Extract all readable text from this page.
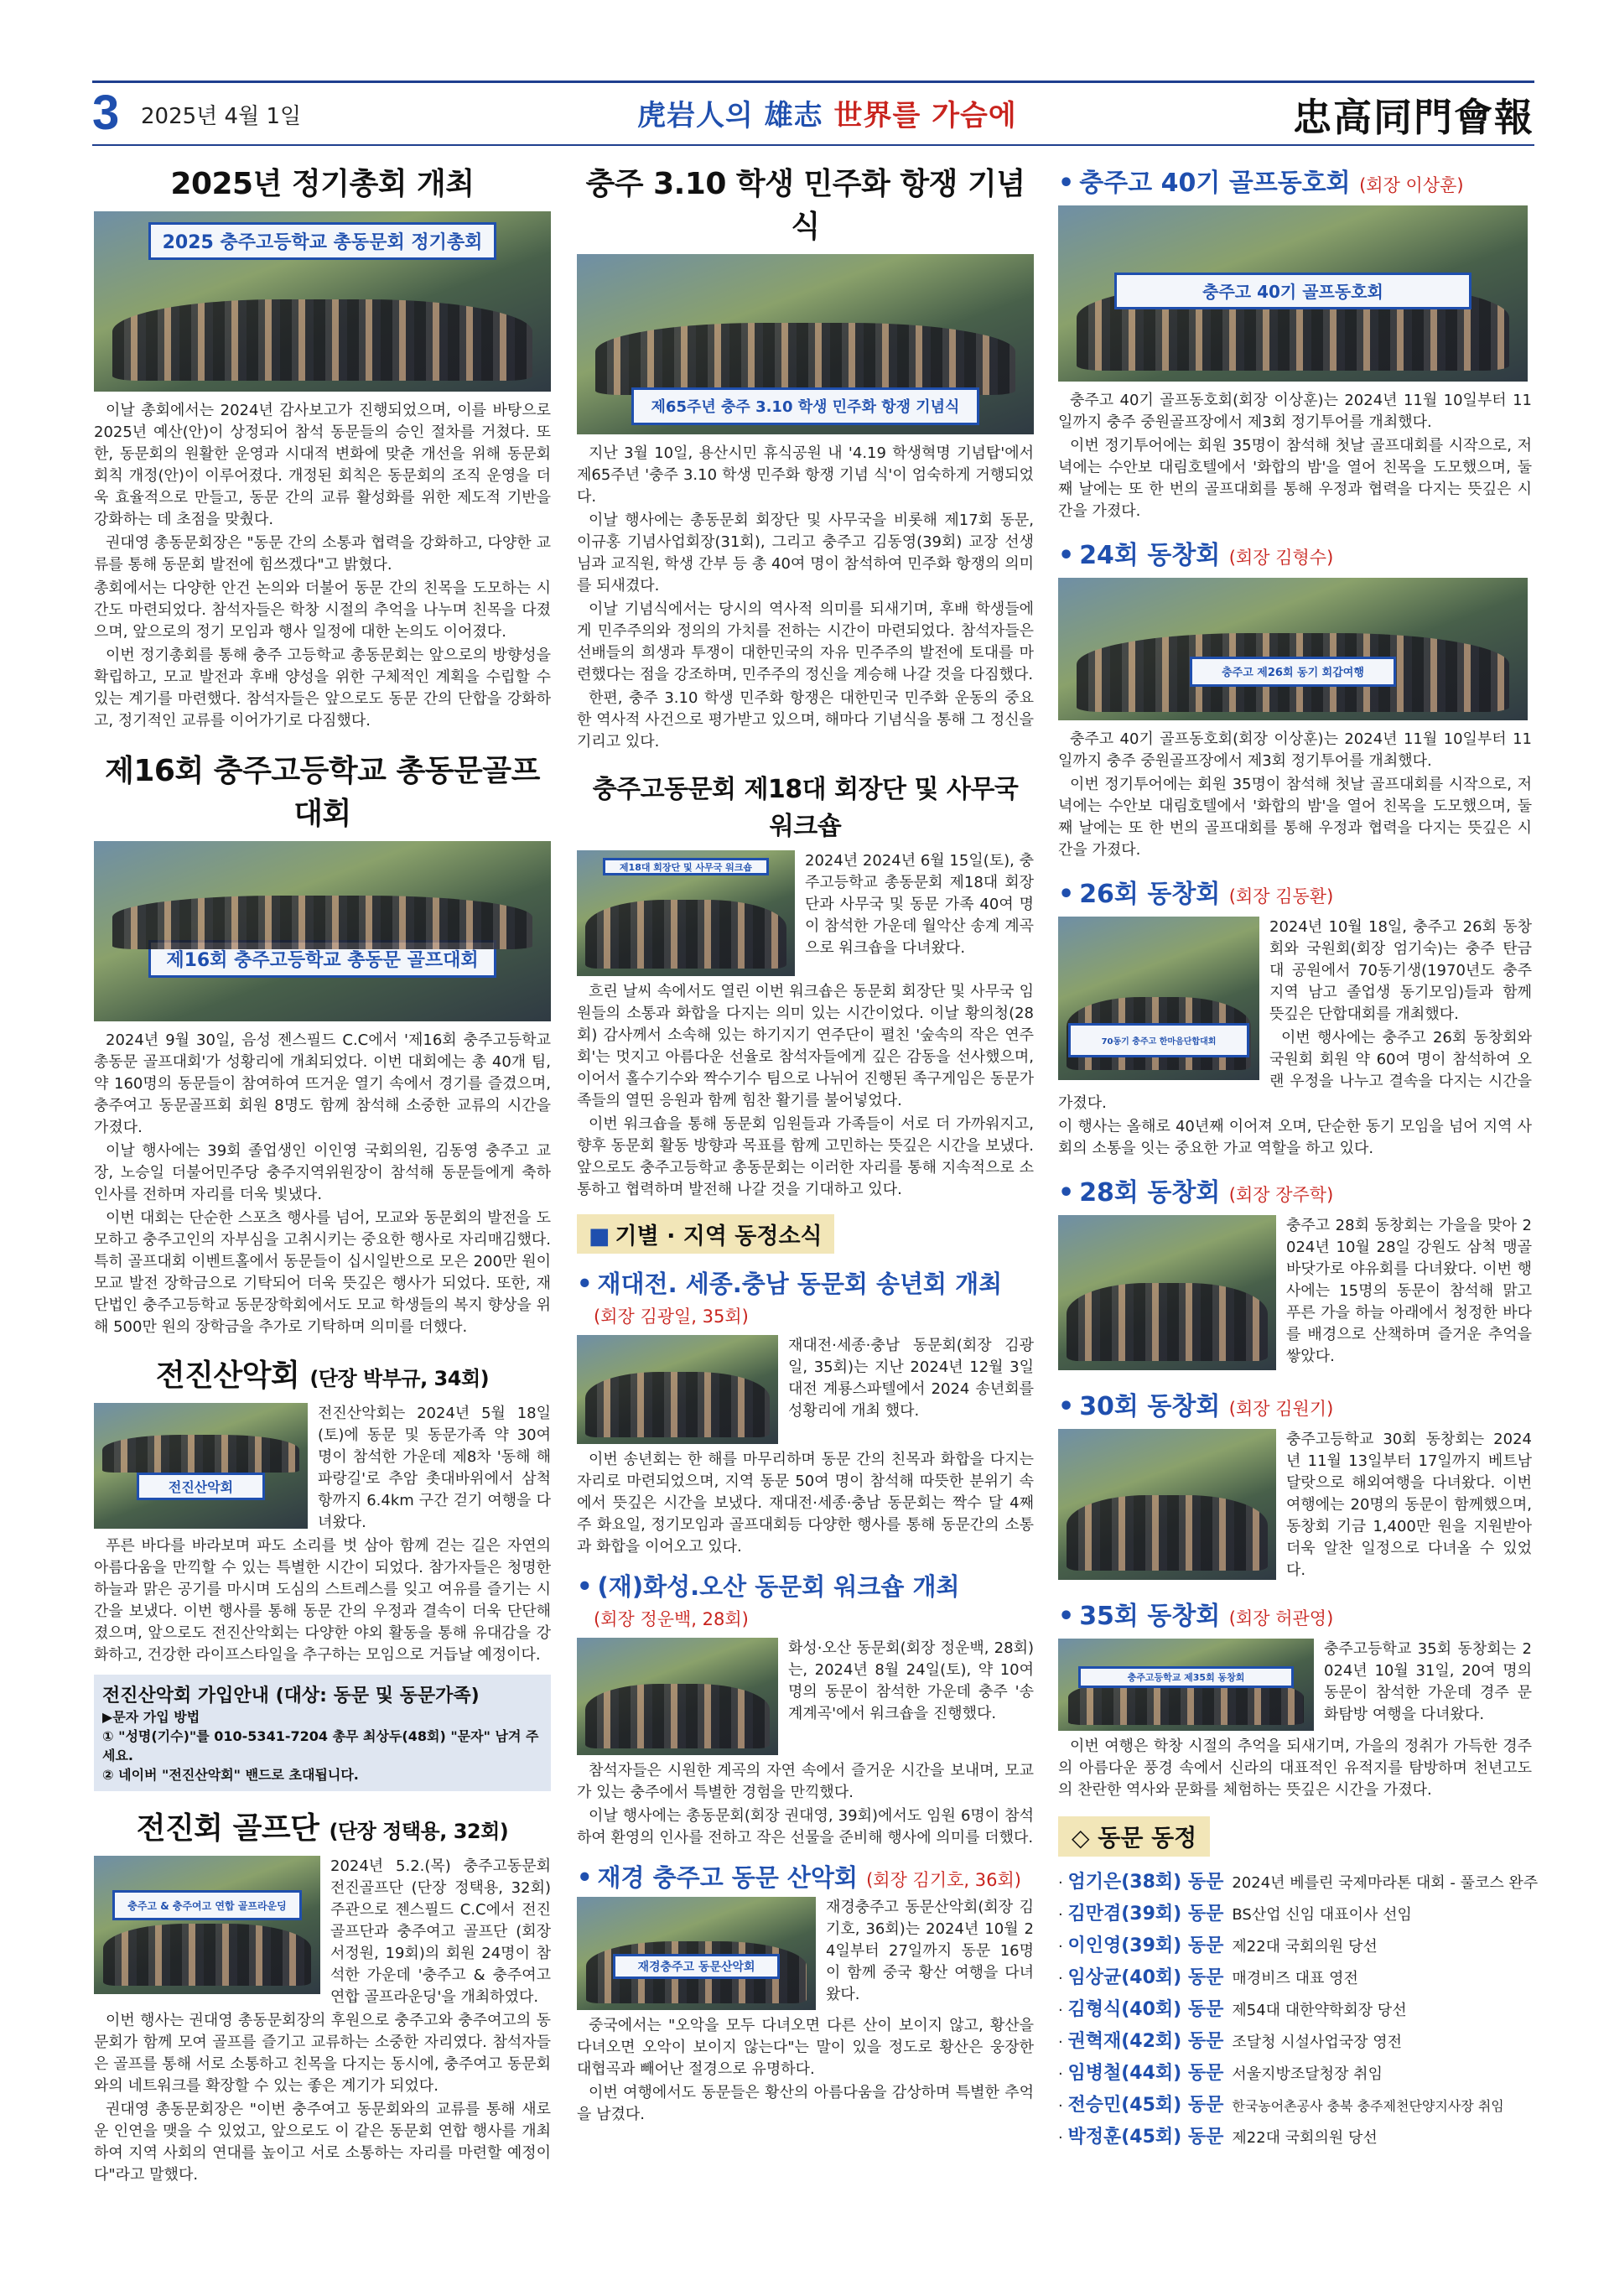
3 2025년 4월 1일	虎岩人의 雄志 世界를 가슴에	忠高同門會報
2025년 정기총회 개최
2025 충주고등학교 총동문회 정기총회

이날 총회에서는 2024년 감사보고가 진행되었으며, 이를 바탕으로 2025년 예산(안)이 상정되어 참석 동문들의 승인 절차를 거쳤다. 또한, 동문회의 원활한 운영과 시대적 변화에 맞춘 개선을 위해 동문회 회칙 개정(안)이 이루어졌다. 개정된 회칙은 동문회의 조직 운영을 더욱 효율적으로 만들고, 동문 간의 교류 활성화를 위한 제도적 기반을 강화하는 데 초점을 맞췄다.

권대영 총동문회장은 "동문 간의 소통과 협력을 강화하고, 다양한 교류를 통해 동문회 발전에 힘쓰겠다"고 밝혔다.

총회에서는 다양한 안건 논의와 더불어 동문 간의 친목을 도모하는 시간도 마련되었다. 참석자들은 학창 시절의 추억을 나누며 친목을 다졌으며, 앞으로의 정기 모임과 행사 일정에 대한 논의도 이어졌다.

이번 정기총회를 통해 충주 고등학교 총동문회는 앞으로의 방향성을 확립하고, 모교 발전과 후배 양성을 위한 구체적인 계획을 수립할 수 있는 계기를 마련했다. 참석자들은 앞으로도 동문 간의 단합을 강화하고, 정기적인 교류를 이어가기로 다짐했다.

제16회 충주고등학교 총동문골프대회
제16회 충주고등학교 총동문 골프대회

2024년 9월 30일, 음성 젠스필드 C.C에서 '제16회 충주고등학교 총동문 골프대회'가 성황리에 개최되었다. 이번 대회에는 총 40개 팀, 약 160명의 동문들이 참여하여 뜨거운 열기 속에서 경기를 즐겼으며, 충주여고 동문골프회 회원 8명도 함께 참석해 소중한 교류의 시간을 가졌다.

이날 행사에는 39회 졸업생인 이인영 국회의원, 김동영 충주고 교장, 노승일 더불어민주당 충주지역위원장이 참석해 동문들에게 축하 인사를 전하며 자리를 더욱 빛냈다.

이번 대회는 단순한 스포츠 행사를 넘어, 모교와 동문회의 발전을 도모하고 충주고인의 자부심을 고취시키는 중요한 행사로 자리매김했다. 특히 골프대회 이벤트홀에서 동문들이 십시일반으로 모은 200만 원이 모교 발전 장학금으로 기탁되어 더욱 뜻깊은 행사가 되었다. 또한, 재단법인 충주고등학교 동문장학회에서도 모교 학생들의 복지 향상을 위해 500만 원의 장학금을 추가로 기탁하며 의미를 더했다.

전진산악회 (단장 박부규, 34회)
전진산악회

전진산악회는 2024년 5월 18일(토)에 동문 및 동문가족 약 30여 명이 참석한 가운데 제8차 '동해 해파랑길'로 추암 촛대바위에서 삼척항까지 6.4km 구간 걷기 여행을 다녀왔다.

푸른 바다를 바라보며 파도 소리를 벗 삼아 함께 걷는 길은 자연의 아름다움을 만끽할 수 있는 특별한 시간이 되었다. 참가자들은 청명한 하늘과 맑은 공기를 마시며 도심의 스트레스를 잊고 여유를 즐기는 시간을 보냈다. 이번 행사를 통해 동문 간의 우정과 결속이 더욱 단단해졌으며, 앞으로도 전진산악회는 다양한 야외 활동을 통해 유대감을 강화하고, 건강한 라이프스타일을 추구하는 모임으로 거듭날 예정이다.

전진산악회 가입안내 (대상: 동문 및 동문가족)
▶문자 가입 방법
① "성명(기수)"를 010-5341-7204 총무 최상두(48회) "문자" 남겨 주세요.
② 네이버 "전진산악회" 밴드로 초대됩니다.
전진회 골프단 (단장 정택용, 32회)
충주고 & 충주여고 연합 골프라운딩

2024년 5.2.(목) 충주고동문회 전진골프단 (단장 정택용, 32회) 주관으로 젠스필드 C.C에서 전진골프단과 충주여고 골프단 (회장 서정원, 19회)의 회원 24명이 참석한 가운데 '충주고 & 충주여고 연합 골프라운딩'을 개최하였다.

이번 행사는 권대영 총동문회장의 후원으로 충주고와 충주여고의 동문회가 함께 모여 골프를 즐기고 교류하는 소중한 자리였다. 참석자들은 골프를 통해 서로 소통하고 친목을 다지는 동시에, 충주여고 동문회와의 네트워크를 확장할 수 있는 좋은 계기가 되었다.

권대영 총동문회장은 "이번 충주여고 동문회와의 교류를 통해 새로운 인연을 맺을 수 있었고, 앞으로도 이 같은 동문회 연합 행사를 개최하여 지역 사회의 연대를 높이고 서로 소통하는 자리를 마련할 예정이다"라고 말했다.

충주 3.10 학생 민주화 항쟁 기념식
제65주년 충주 3.10 학생 민주화 항쟁 기념식

지난 3월 10일, 용산시민 휴식공원 내 '4.19 학생혁명 기념탑'에서 제65주년 '충주 3.10 학생 민주화 항쟁 기념 식'이 엄숙하게 거행되었다.

이날 행사에는 총동문회 회장단 및 사무국을 비롯해 제17회 동문, 이규홍 기념사업회장(31회), 그리고 충주고 김동영(39회) 교장 선생님과 교직원, 학생 간부 등 총 40여 명이 참석하여 민주화 항쟁의 의미를 되새겼다.

이날 기념식에서는 당시의 역사적 의미를 되새기며, 후배 학생들에게 민주주의와 정의의 가치를 전하는 시간이 마련되었다. 참석자들은 선배들의 희생과 투쟁이 대한민국의 자유 민주주의 발전에 토대를 마련했다는 점을 강조하며, 민주주의 정신을 계승해 나갈 것을 다짐했다.

한편, 충주 3.10 학생 민주화 항쟁은 대한민국 민주화 운동의 중요한 역사적 사건으로 평가받고 있으며, 해마다 기념식을 통해 그 정신을 기리고 있다.

충주고동문회 제18대 회장단 및 사무국 워크숍
제18대 회장단 및 사무국 워크숍	2024년 2024년 6월 15일(토), 충주고등학교 총동문회 제18대 회장단과 사무국 및 동문 가족 40여 명이 참석한 가운데 월악산 송계 계곡으로 워크숍을 다녀왔다.

흐린 날씨 속에서도 열린 이번 워크숍은 동문회 회장단 및 사무국 임원들의 소통과 화합을 다지는 의미 있는 시간이었다. 이날 황의청(28회) 감사께서 소속해 있는 하기지기 연주단이 펼친 '숲속의 작은 연주회'는 멋지고 아름다운 선율로 참석자들에게 깊은 감동을 선사했으며, 이어서 홀수기수와 짝수기수 팀으로 나뉘어 진행된 족구게임은 동문가족들의 열띤 응원과 함께 힘찬 활기를 불어넣었다.

이번 워크숍을 통해 동문회 임원들과 가족들이 서로 더 가까워지고, 향후 동문회 활동 방향과 목표를 함께 고민하는 뜻깊은 시간을 보냈다. 앞으로도 충주고등학교 총동문회는 이러한 자리를 통해 지속적으로 소통하고 협력하며 발전해 나갈 것을 기대하고 있다.

■ 기별 · 지역 동정소식
• 재대전. 세종.충남 동문회 송년회 개최
(회장 김광일, 35회)

재대전·세종·충남 동문회(회장 김광일, 35회)는 지난 2024년 12월 3일 대전 계룡스파텔에서 2024 송년회를 성황리에 개최 했다.

이번 송년회는 한 해를 마무리하며 동문 간의 친목과 화합을 다지는 자리로 마련되었으며, 지역 동문 50여 명이 참석해 따뜻한 분위기 속에서 뜻깊은 시간을 보냈다. 재대전·세종·충남 동문회는 짝수 달 4째 주 화요일, 정기모임과 골프대회등 다양한 행사를 통해 동문간의 소통과 화합을 이어오고 있다.

• (재)화성.오산 동문회 워크숍 개최
(회장 정운백, 28회)

화성·오산 동문회(회장 정운백, 28회)는, 2024년 8월 24일(토), 약 10여 명의 동문이 참석한 가운데 충주 '송계계곡'에서 워크숍을 진행했다.

참석자들은 시원한 계곡의 자연 속에서 즐거운 시간을 보내며, 모교가 있는 충주에서 특별한 경험을 만끽했다.

이날 행사에는 총동문회(회장 권대영, 39회)에서도 임원 6명이 참석하여 환영의 인사를 전하고 작은 선물을 준비해 행사에 의미를 더했다.

• 재경 충주고 동문 산악회 (회장 김기호, 36회)
재경충주고 동문산악회

재경충주고 동문산악회(회장 김기호, 36회)는 2024년 10월 24일부터 27일까지 동문 16명이 함께 중국 황산 여행을 다녀왔다.

중국에서는 "오악을 모두 다녀오면 다른 산이 보이지 않고, 황산을 다녀오면 오악이 보이지 않는다"는 말이 있을 정도로 황산은 웅장한 대협곡과 빼어난 절경으로 유명하다.

이번 여행에서도 동문들은 황산의 아름다움을 감상하며 특별한 추억을 남겼다.

• 충주고 40기 골프동호회 (회장 이상훈)
충주고 40기 골프동호회

충주고 40기 골프동호회(회장 이상훈)는 2024년 11월 10일부터 11일까지 충주 중원골프장에서 제3회 정기투어를 개최했다.

이번 정기투어에는 회원 35명이 참석해 첫날 골프대회를 시작으로, 저녁에는 수안보 대림호텔에서 '화합의 밤'을 열어 친목을 도모했으며, 둘째 날에는 또 한 번의 골프대회를 통해 우정과 협력을 다지는 뜻깊은 시간을 가졌다.

• 24회 동창회 (회장 김형수)
충주고 제26회 동기 회갑여행

충주고 40기 골프동호회(회장 이상훈)는 2024년 11월 10일부터 11일까지 충주 중원골프장에서 제3회 정기투어를 개최했다.

이번 정기투어에는 회원 35명이 참석해 첫날 골프대회를 시작으로, 저녁에는 수안보 대림호텔에서 '화합의 밤'을 열어 친목을 도모했으며, 둘째 날에는 또 한 번의 골프대회를 통해 우정과 협력을 다지는 뜻깊은 시간을 가졌다.

• 26회 동창회 (회장 김동환)
70동기 충주고 한마음단합대회

2024년 10월 18일, 충주고 26회 동창회와 국원회(회장 엄기숙)는 충주 탄금대 공원에서 70동기생(1970년도 충주 지역 남고 졸업생 동기모임)들과 함께 뜻깊은 단합대회를 개최했다.

이번 행사에는 충주고 26회 동창회와 국원회 회원 약 60여 명이 참석하여 오랜 우정을 나누고 결속을 다지는 시간을 가졌다.

이 행사는 올해로 40년째 이어져 오며, 단순한 동기 모임을 넘어 지역 사회의 소통을 잇는 중요한 가교 역할을 하고 있다.

• 28회 동창회 (회장 장주학)

충주고 28회 동창회는 가을을 맞아 2024년 10월 28일 강원도 삼척 맹골 바닷가로 야유회를 다녀왔다. 이번 행사에는 15명의 동문이 참석해 맑고 푸른 가을 하늘 아래에서 청정한 바다를 배경으로 산책하며 즐거운 추억을 쌓았다.

• 30회 동창회 (회장 김원기)

충주고등학교 30회 동창회는 2024년 11월 13일부터 17일까지 베트남 달랏으로 해외여행을 다녀왔다. 이번 여행에는 20명의 동문이 함께했으며, 동창회 기금 1,400만 원을 지원받아 더욱 알찬 일정으로 다녀올 수 있었다.

• 35회 동창회 (회장 허관영)
충주고등학교 제35회 동창회

충주고등학교 35회 동창회는 2024년 10월 31일, 20여 명의 동문이 참석한 가운데 경주 문화탐방 여행을 다녀왔다.

이번 여행은 학창 시절의 추억을 되새기며, 가을의 정취가 가득한 경주의 아름다운 풍경 속에서 신라의 대표적인 유적지를 탐방하며 천년고도의 찬란한 역사와 문화를 체험하는 뜻깊은 시간을 가졌다.

◇ 동문 동정
· 엄기은(38회) 동문 2024년 베를린 국제마라톤 대회 - 풀코스 완주
· 김만겸(39회) 동문 BS산업 신임 대표이사 선임
· 이인영(39회) 동문 제22대 국회의원 당선
· 임상균(40회) 동문 매경비즈 대표 영전
· 김형식(40회) 동문 제54대 대한약학회장 당선
· 권혁재(42회) 동문 조달청 시설사업국장 영전
· 임병철(44회) 동문 서울지방조달청장 취임
· 전승민(45회) 동문 한국농어촌공사 충북 충주제천단양지사장 취임
· 박정훈(45회) 동문 제22대 국회의원 당선
